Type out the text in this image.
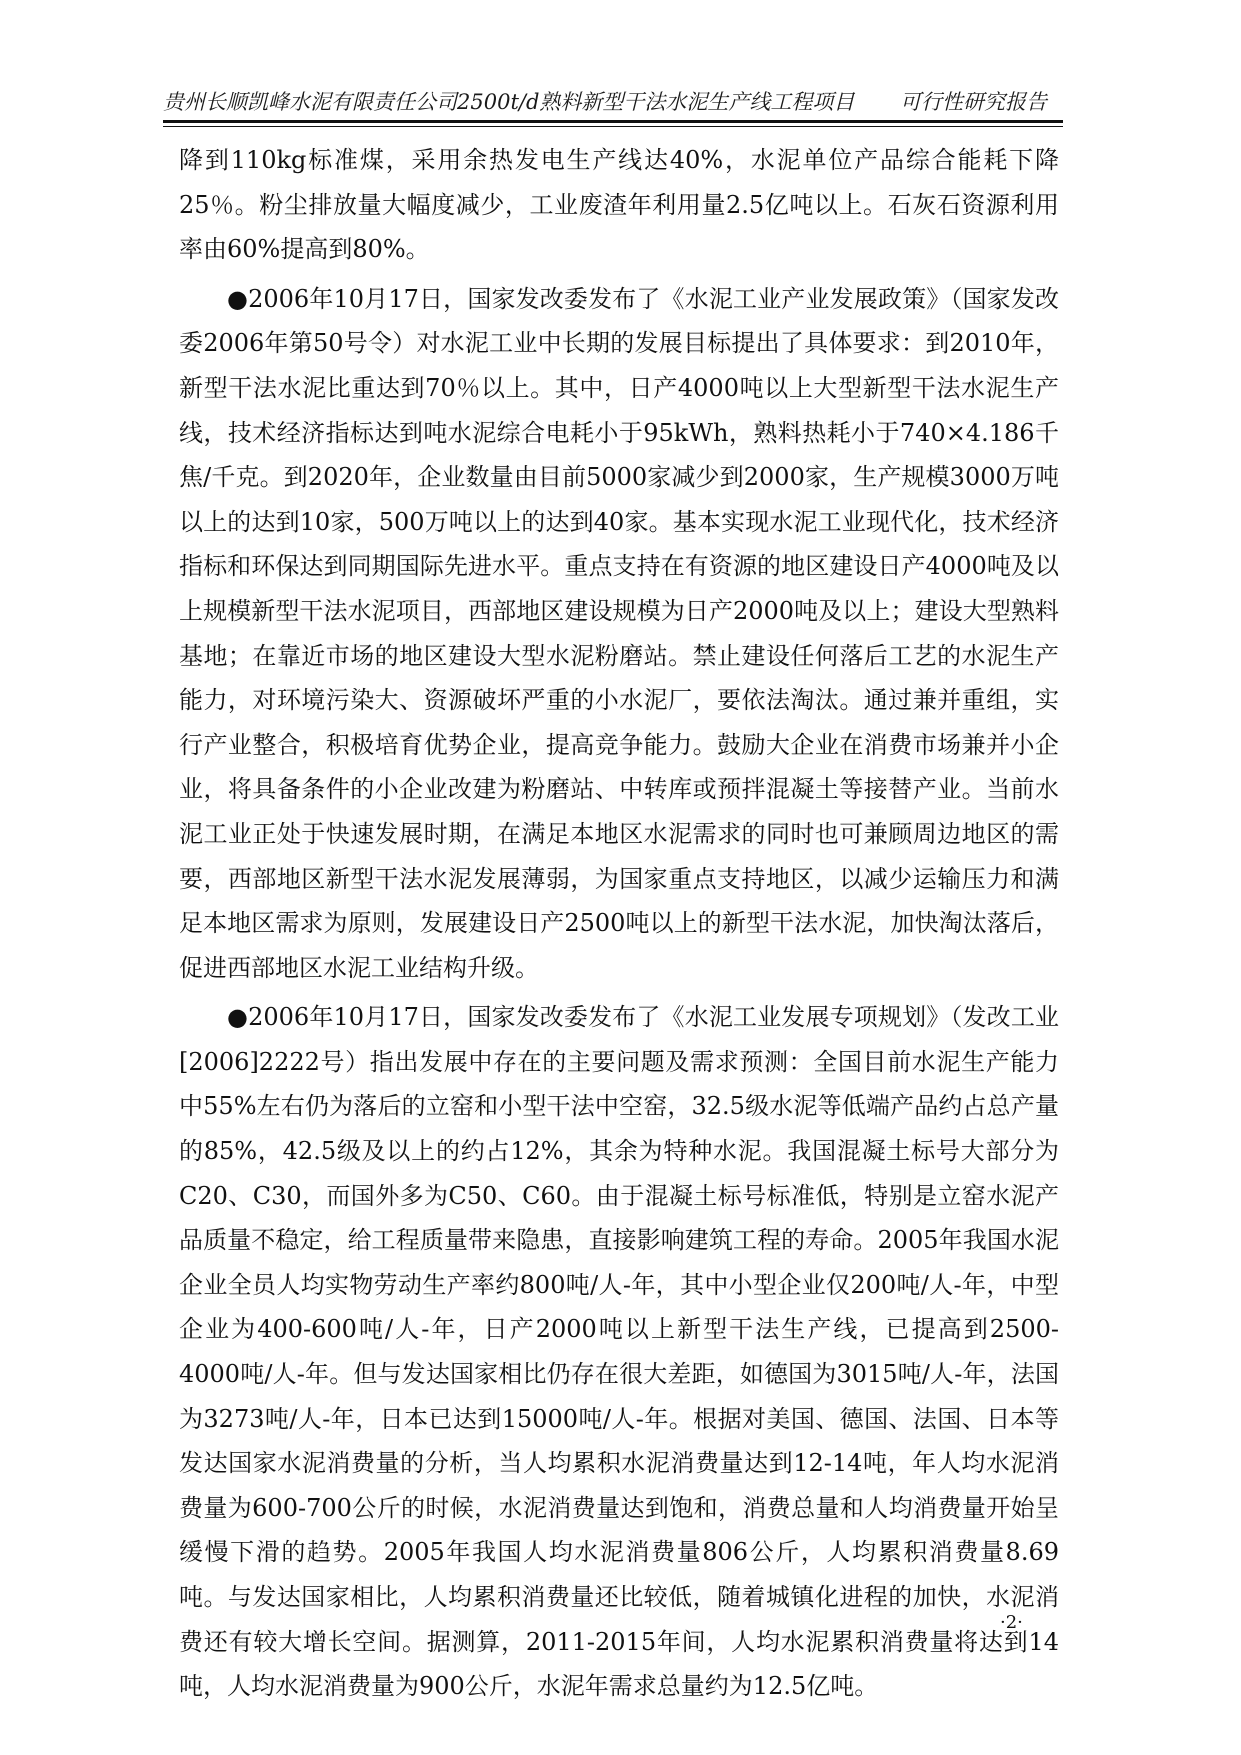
贵州长顺凯峰水泥有限责任公司2500t/d熟料新型干法水泥生产线工程项目 可行性研究报告

降到110kg标准煤，采用余热发电生产线达40%，水泥单位产品综合能耗下降25％。粉尘排放量大幅度减少，工业废渣年利用量2.5亿吨以上。石灰石资源利用率由60%提高到80%。

●2006年10月17日，国家发改委发布了《水泥工业产业发展政策》（国家发改委2006年第50号令）对水泥工业中长期的发展目标提出了具体要求：到2010年，新型干法水泥比重达到70％以上。其中，日产4000吨以上大型新型干法水泥生产线，技术经济指标达到吨水泥综合电耗小于95kWh，熟料热耗小于740×4.186千焦/千克。到2020年，企业数量由目前5000家减少到2000家，生产规模3000万吨以上的达到10家，500万吨以上的达到40家。基本实现水泥工业现代化，技术经济指标和环保达到同期国际先进水平。重点支持在有资源的地区建设日产4000吨及以上规模新型干法水泥项目，西部地区建设规模为日产2000吨及以上；建设大型熟料基地；在靠近市场的地区建设大型水泥粉磨站。禁止建设任何落后工艺的水泥生产能力，对环境污染大、资源破坏严重的小水泥厂，要依法淘汰。通过兼并重组，实行产业整合，积极培育优势企业，提高竞争能力。鼓励大企业在消费市场兼并小企业，将具备条件的小企业改建为粉磨站、中转库或预拌混凝土等接替产业。当前水泥工业正处于快速发展时期，在满足本地区水泥需求的同时也可兼顾周边地区的需要，西部地区新型干法水泥发展薄弱，为国家重点支持地区，以减少运输压力和满足本地区需求为原则，发展建设日产2500吨以上的新型干法水泥，加快淘汰落后，促进西部地区水泥工业结构升级。

●2006年10月17日，国家发改委发布了《水泥工业发展专项规划》（发改工业[2006]2222号）指出发展中存在的主要问题及需求预测：全国目前水泥生产能力中55%左右仍为落后的立窑和小型干法中空窑，32.5级水泥等低端产品约占总产量的85%，42.5级及以上的约占12%，其余为特种水泥。我国混凝土标号大部分为C20、C30，而国外多为C50、C60。由于混凝土标号标准低，特别是立窑水泥产品质量不稳定，给工程质量带来隐患，直接影响建筑工程的寿命。2005年我国水泥企业全员人均实物劳动生产率约800吨/人-年，其中小型企业仅200吨/人-年，中型企业为400-600吨/人-年，日产2000吨以上新型干法生产线，已提高到2500-4000吨/人-年。但与发达国家相比仍存在很大差距，如德国为3015吨/人-年，法国为3273吨/人-年，日本已达到15000吨/人-年。根据对美国、德国、法国、日本等发达国家水泥消费量的分析，当人均累积水泥消费量达到12-14吨，年人均水泥消费量为600-700公斤的时候，水泥消费量达到饱和，消费总量和人均消费量开始呈缓慢下滑的趋势。2005年我国人均水泥消费量806公斤，人均累积消费量8.69吨。与发达国家相比，人均累积消费量还比较低，随着城镇化进程的加快，水泥消费还有较大增长空间。据测算，2011-2015年间，人均水泥累积消费量将达到14吨，人均水泥消费量为900公斤，水泥年需求总量约为12.5亿吨。

·2·
